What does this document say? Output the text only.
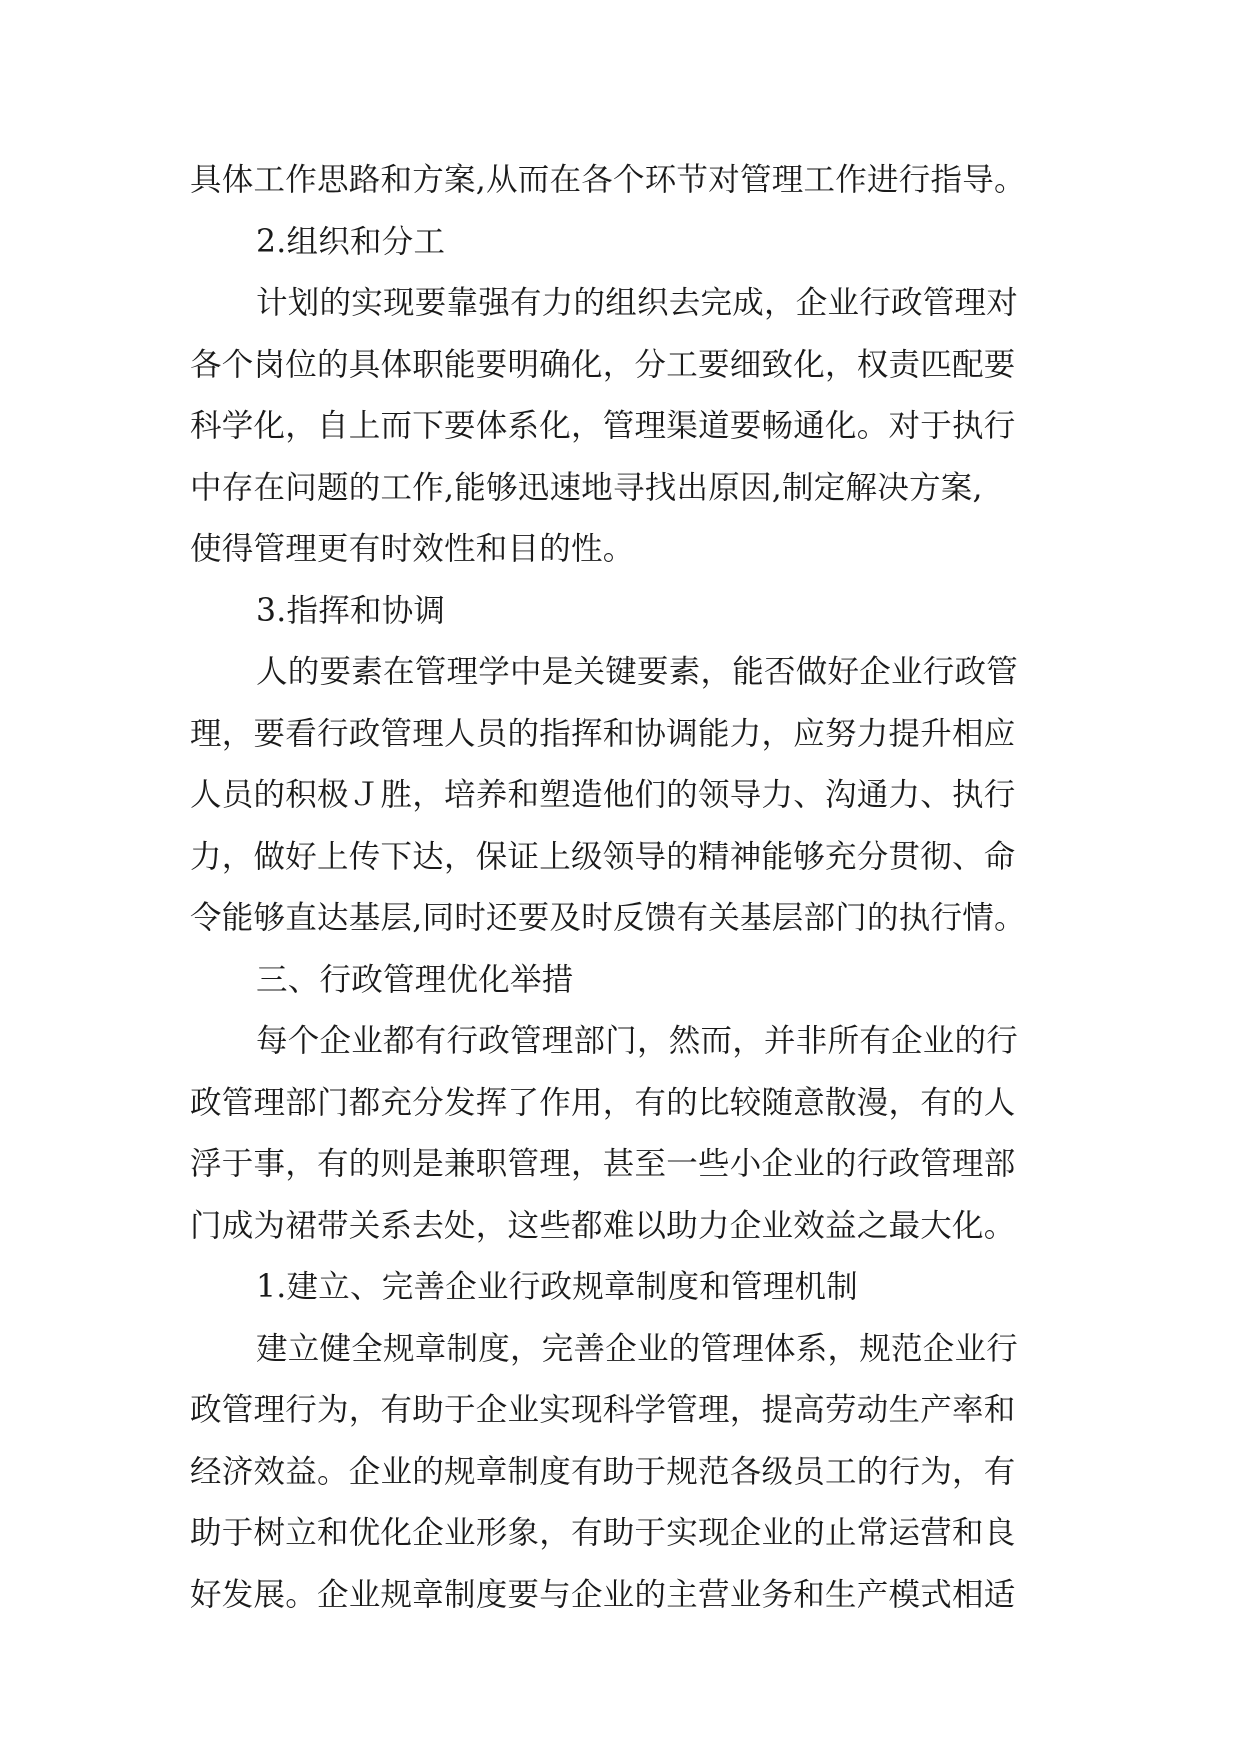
具体工作思路和方案,从而在各个环节对管理工作进行指导。
2.组织和分工
计划的实现要靠强有力的组织去完成，企业行政管理对
各个岗位的具体职能要明确化，分工要细致化，权责匹配要
科学化，自上而下要体系化，管理渠道要畅通化。对于执行
中存在问题的工作,能够迅速地寻找出原因,制定解决方案,
使得管理更有时效性和目的性。
3.指挥和协调
人的要素在管理学中是关键要素，能否做好企业行政管
理，要看行政管理人员的指挥和协调能力，应努力提升相应
人员的积极Ｊ胜，培养和塑造他们的领导力、沟通力、执行
力，做好上传下达，保证上级领导的精神能够充分贯彻、命
令能够直达基层,同时还要及时反馈有关基层部门的执行情。
三、行政管理优化举措
每个企业都有行政管理部门，然而，并非所有企业的行
政管理部门都充分发挥了作用，有的比较随意散漫，有的人
浮于事，有的则是兼职管理，甚至一些小企业的行政管理部
门成为裙带关系去处，这些都难以助力企业效益之最大化。
1.建立、完善企业行政规章制度和管理机制
建立健全规章制度，完善企业的管理体系，规范企业行
政管理行为，有助于企业实现科学管理，提高劳动生产率和
经济效益。企业的规章制度有助于规范各级员工的行为，有
助于树立和优化企业形象，有助于实现企业的止常运营和良
好发展。企业规章制度要与企业的主营业务和生产模式相适
